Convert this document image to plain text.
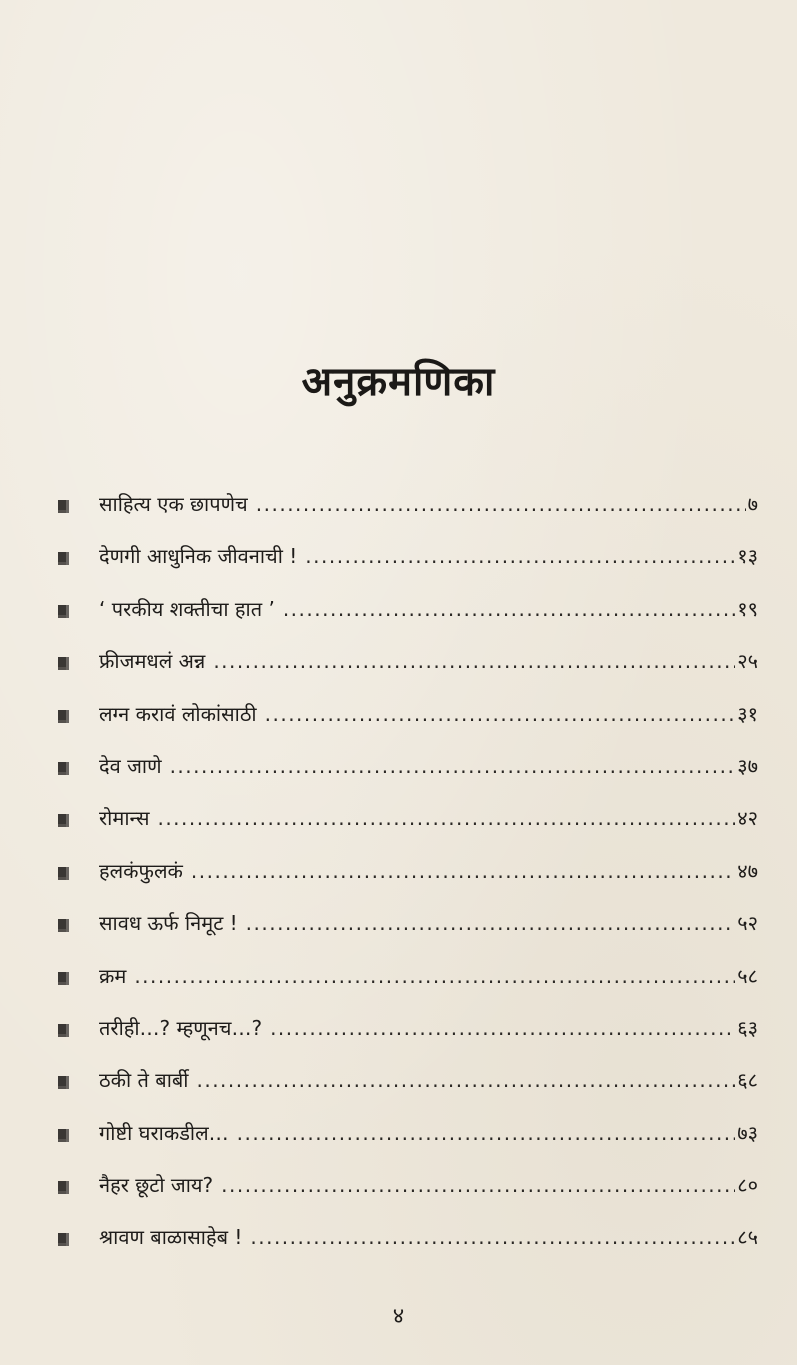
अनुक्रमणिका
साहित्य एक छापणेच .....	७
देणगी आधुनिक जीवनाची ! .....	१३
‘ परकीय शक्तीचा हात ’ .....	१९
फ्रीजमधलं अन्न .....	२५
लग्न करावं लोकांसाठी .....	३१
देव जाणे .....	३७
रोमान्स .....	४२
हलकंफुलकं .....	४७
सावध ऊर्फ निमूट ! .....	५२
क्रम .....	५८
तरीही…? म्हणूनच…? .....	६३
ठकी ते बार्बी .....	६८
गोष्टी घराकडील… .....	७३
नैहर छूटो जाय? .....	८०
श्रावण बाळासाहेब ! .....	८५
४
